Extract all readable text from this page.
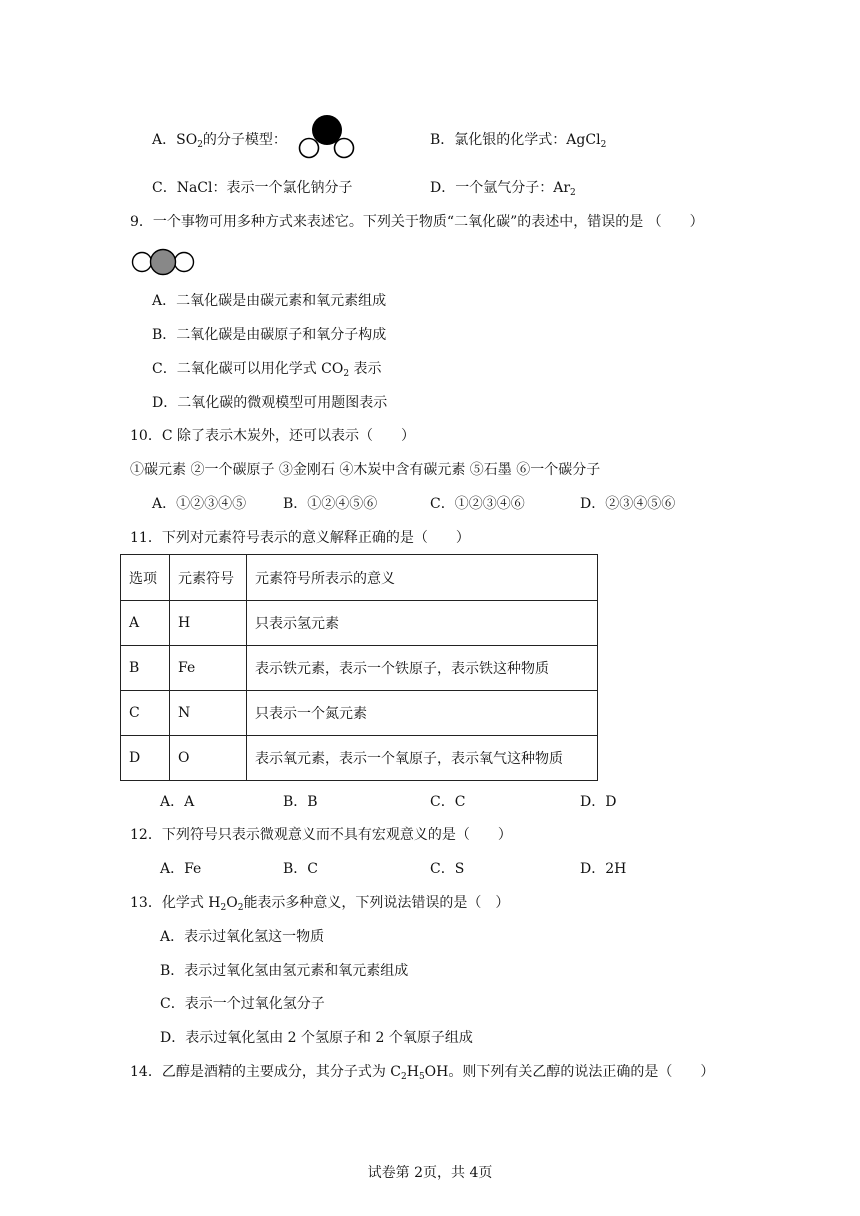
A．$SO_2$的分子模型：	B．氯化银的化学式：AgCl$_2$
C．NaCl：表示一个氯化钠分子	D．一个氩气分子：$Ar_2$
9．一个事物可用多种方式来表述它。下列关于物质“二氧化碳”的表述中，错误的是 （　　）
A．二氧化碳是由碳元素和氧元素组成
B．二氧化碳是由碳原子和氧分子构成
C．二氧化碳可以用化学式 $CO_2$ 表示
D．二氧化碳的微观模型可用题图表示
10．C 除了表示木炭外，还可以表示（　　）
①碳元素 ②一个碳原子 ③金刚石 ④木炭中含有碳元素 ⑤石墨 ⑥一个碳分子
A．①②③④⑤	B．①②④⑤⑥	C．①②③④⑥	D．②③④⑤⑥
11．下列对元素符号表示的意义解释正确的是（　　）
选项	元素符号	元素符号所表示的意义
A	H	只表示氢元素
B	Fe	表示铁元素，表示一个铁原子，表示铁这种物质
C	N	只表示一个氮元素
D	O	表示氧元素，表示一个氧原子，表示氧气这种物质
A．A	B．B	C．C	D．D
12．下列符号只表示微观意义而不具有宏观意义的是（　　）
A．Fe	B．C	C．S	D．2H
13．化学式 $H_2O_2$能表示多种意义，下列说法错误的是（　）
A．表示过氧化氢这一物质
B．表示过氧化氢由氢元素和氧元素组成
C．表示一个过氧化氢分子
D．表示过氧化氢由 2 个氢原子和 2 个氧原子组成
14．乙醇是酒精的主要成分，其分子式为 $C_2H_5OH$。则下列有关乙醇的说法正确的是（　　）
试卷第 2页，共 4页
